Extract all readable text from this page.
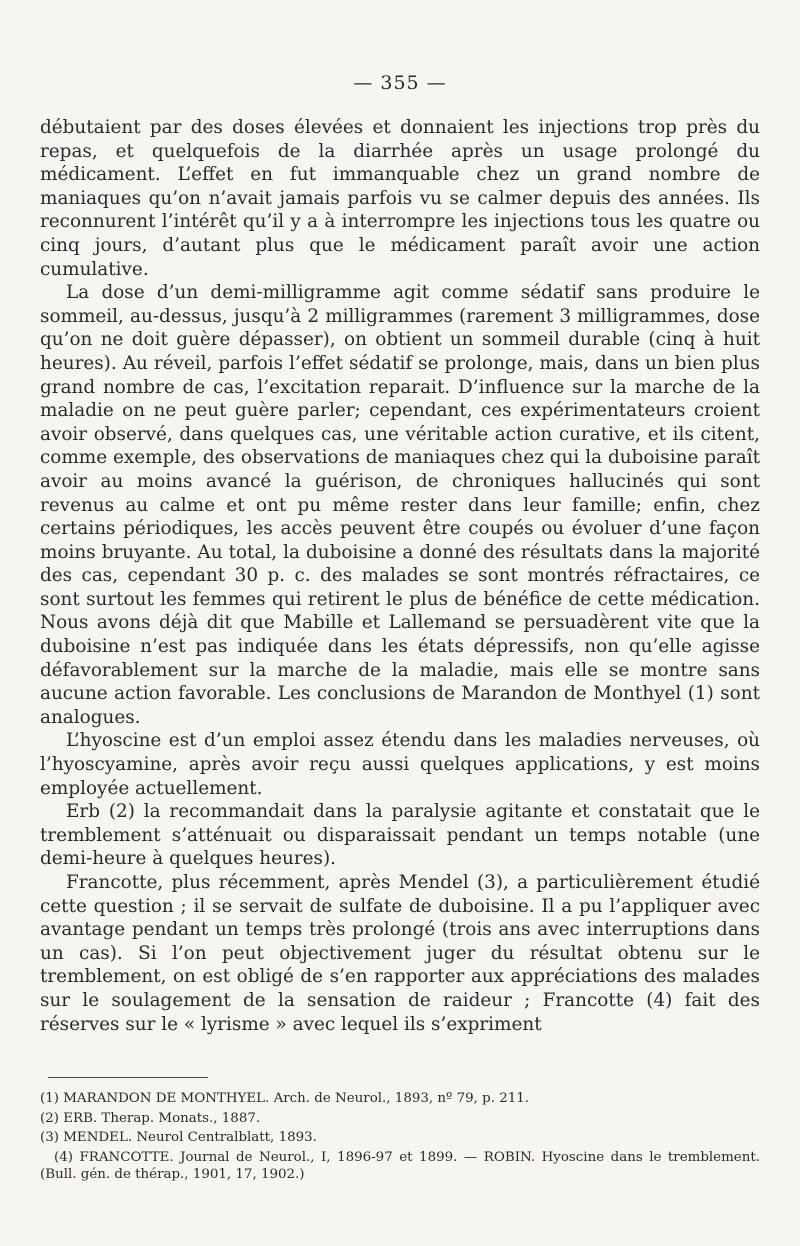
— 355 —

débutaient par des doses élevées et donnaient les injections trop près du repas, et quelquefois de la diarrhée après un usage prolongé du médicament. L’effet en fut immanquable chez un grand nombre de maniaques qu’on n’avait jamais parfois vu se calmer depuis des années. Ils reconnurent l’intérêt qu’il y a à interrompre les injections tous les quatre ou cinq jours, d’autant plus que le médicament paraît avoir une action cumulative.

La dose d’un demi-milligramme agit comme sédatif sans produire le sommeil, au-dessus, jusqu’à 2 milligrammes (rarement 3 milligrammes, dose qu’on ne doit guère dépasser), on obtient un sommeil durable (cinq à huit heures). Au réveil, parfois l’effet sédatif se prolonge, mais, dans un bien plus grand nombre de cas, l’excitation reparait. D’influence sur la marche de la maladie on ne peut guère parler; cependant, ces expérimentateurs croient avoir observé, dans quelques cas, une véritable action curative, et ils citent, comme exemple, des observations de maniaques chez qui la duboisine paraît avoir au moins avancé la guérison, de chroniques hallucinés qui sont revenus au calme et ont pu même rester dans leur famille; enfin, chez certains périodiques, les accès peuvent être coupés ou évoluer d’une façon moins bruyante. Au total, la duboisine a donné des résultats dans la majorité des cas, cependant 30 p. c. des malades se sont montrés réfractaires, ce sont surtout les femmes qui retirent le plus de bénéfice de cette médication. Nous avons déjà dit que Mabille et Lallemand se persuadèrent vite que la duboisine n’est pas indiquée dans les états dépressifs, non qu’elle agisse défavorablement sur la marche de la maladie, mais elle se montre sans aucune action favorable. Les conclusions de Marandon de Monthyel (1) sont analogues.

L’hyoscine est d’un emploi assez étendu dans les maladies nerveuses, où l’hyoscyamine, après avoir reçu aussi quelques applications, y est moins employée actuellement.

Erb (2) la recommandait dans la paralysie agitante et constatait que le tremblement s’atténuait ou disparaissait pendant un temps notable (une demi-heure à quelques heures).

Francotte, plus récemment, après Mendel (3), a particulièrement étudié cette question ; il se servait de sulfate de duboisine. Il a pu l’appliquer avec avantage pendant un temps très prolongé (trois ans avec interruptions dans un cas). Si l’on peut objectivement juger du résultat obtenu sur le tremblement, on est obligé de s’en rapporter aux appréciations des malades sur le soulagement de la sensation de raideur ; Francotte (4) fait des réserves sur le « lyrisme » avec lequel ils s’expriment

(1) MARANDON DE MONTHYEL. Arch. de Neurol., 1893, nº 79, p. 211.

(2) ERB. Therap. Monats., 1887.

(3) MENDEL. Neurol Centralblatt, 1893.

(4) FRANCOTTE. Journal de Neurol., I, 1896-97 et 1899. — ROBIN. Hyoscine dans le tremblement. (Bull. gén. de thérap., 1901, 17, 1902.)
